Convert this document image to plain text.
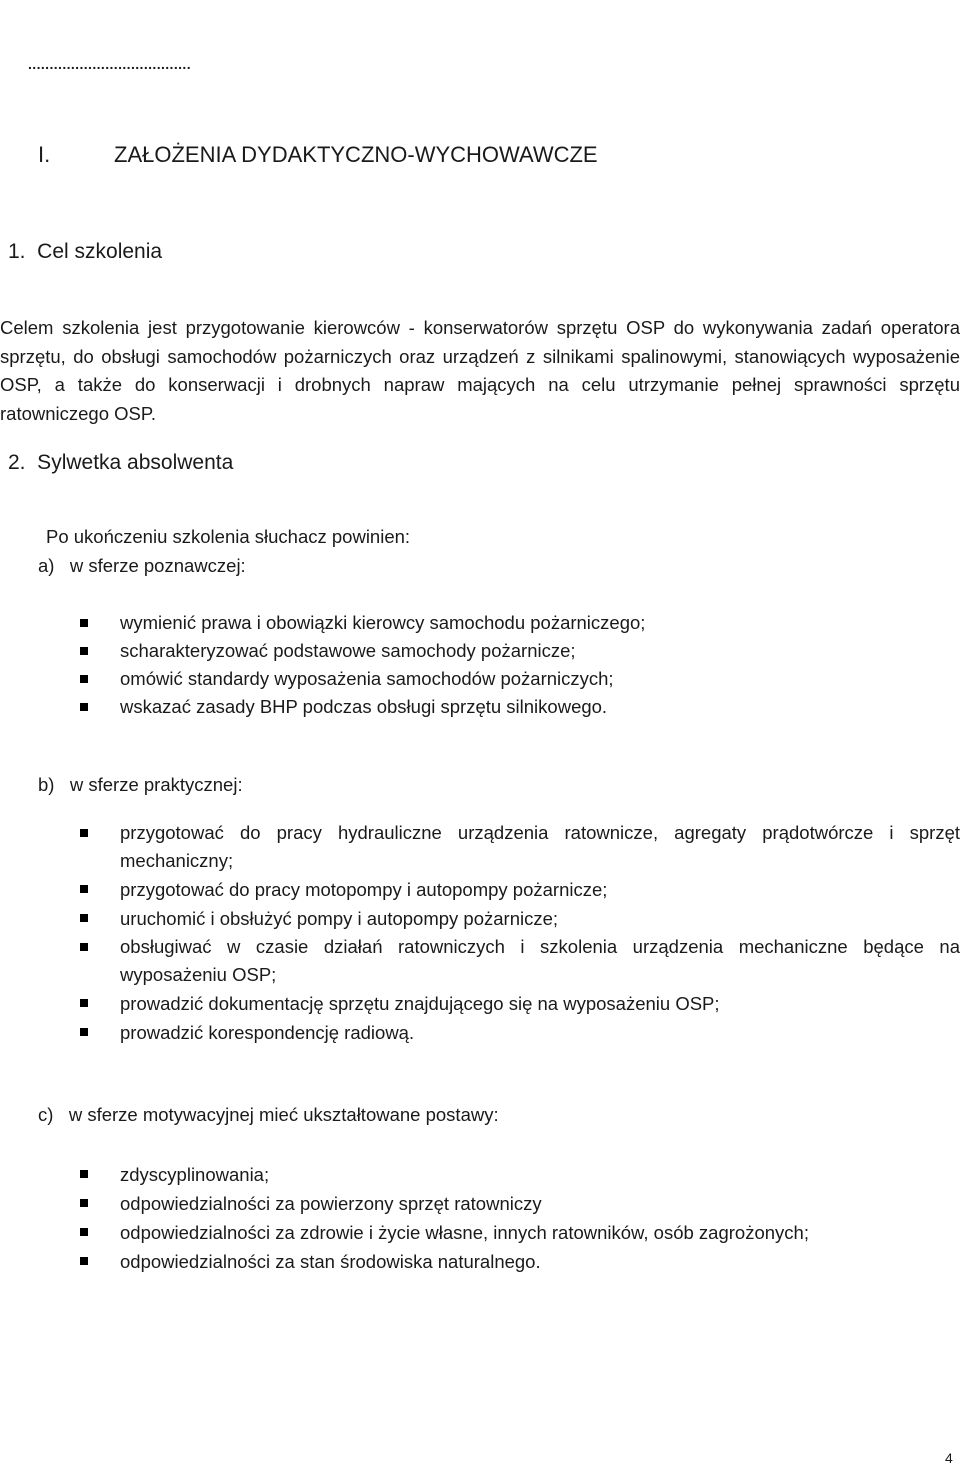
ZATWIERDZAM	Warszawa, dnia	2015r.
......................................
I.	ZAŁOŻENIA DYDAKTYCZNO-WYCHOWAWCZE
1.  Cel szkolenia
Celem szkolenia jest przygotowanie kierowców - konserwatorów sprzętu OSP do wykonywania zadań operatora sprzętu, do obsługi samochodów pożarniczych oraz urządzeń z silnikami spalinowymi, stanowiących wyposażenie OSP, a także do konserwacji i drobnych napraw mających na celu utrzymanie pełnej sprawności sprzętu ratowniczego OSP.
2.  Sylwetka absolwenta
Po ukończeniu szkolenia słuchacz powinien:
a)   w sferze poznawczej:
wymienić prawa i obowiązki kierowcy samochodu pożarniczego;
scharakteryzować podstawowe samochody pożarnicze;
omówić standardy wyposażenia samochodów pożarniczych;
wskazać zasady BHP podczas obsługi sprzętu silnikowego.
b)   w sferze praktycznej:
przygotować do pracy hydrauliczne urządzenia ratownicze, agregaty prądotwórcze i sprzęt mechaniczny;
przygotować do pracy motopompy i autopompy pożarnicze;
uruchomić i obsłużyć pompy i autopompy pożarnicze;
obsługiwać w czasie działań ratowniczych i szkolenia urządzenia mechaniczne będące na wyposażeniu OSP;
prowadzić dokumentację sprzętu znajdującego się na wyposażeniu OSP;
prowadzić korespondencję radiową.
c)   w sferze motywacyjnej mieć ukształtowane postawy:
zdyscyplinowania;
odpowiedzialności za powierzony sprzęt ratowniczy
odpowiedzialności za zdrowie i życie własne, innych ratowników, osób zagrożonych;
odpowiedzialności za stan środowiska naturalnego.
4
